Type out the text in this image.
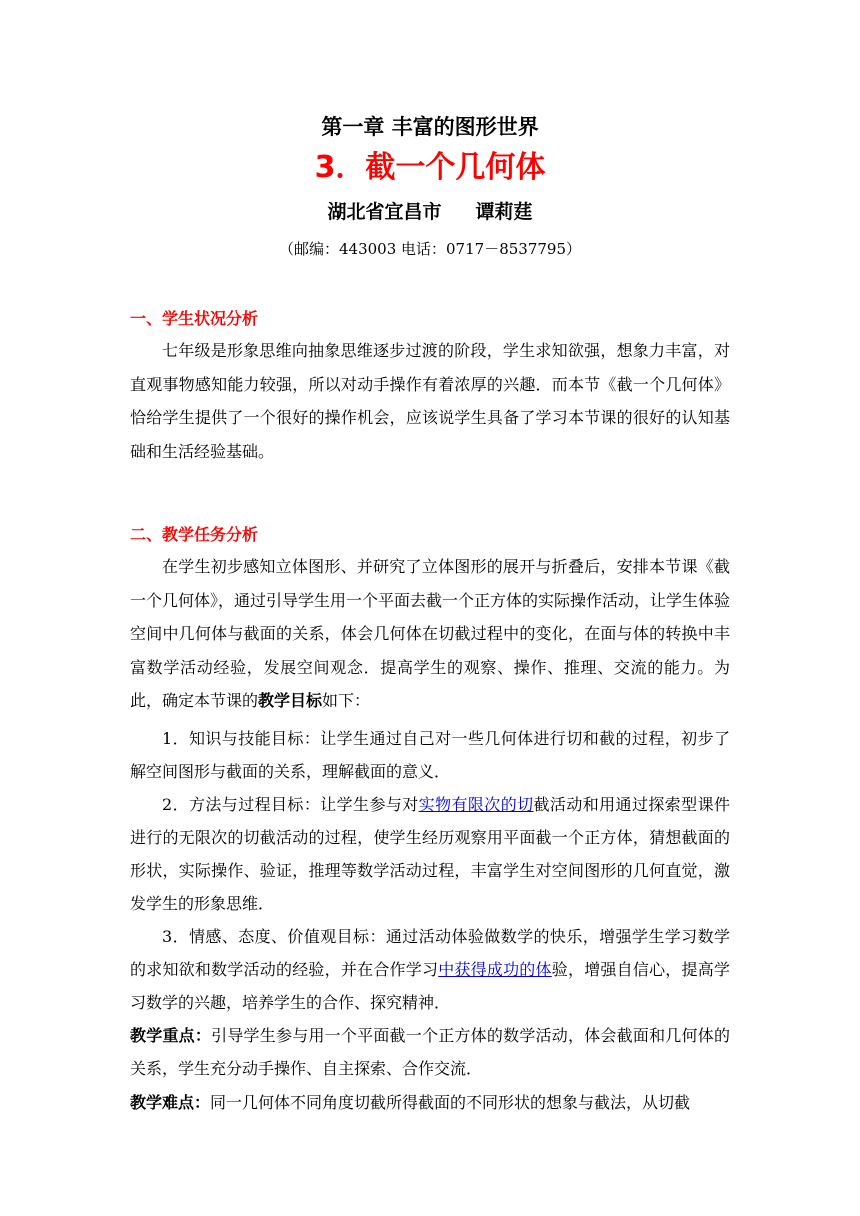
第一章 丰富的图形世界
3．截一个几何体
湖北省宜昌市 谭莉莛
（邮编：443003 电话：0717－8537795）
一、学生状况分析

七年级是形象思维向抽象思维逐步过渡的阶段，学生求知欲强，想象力丰富，对直观事物感知能力较强，所以对动手操作有着浓厚的兴趣．而本节《截一个几何体》恰给学生提供了一个很好的操作机会，应该说学生具备了学习本节课的很好的认知基础和生活经验基础。

二、教学任务分析

在学生初步感知立体图形、并研究了立体图形的展开与折叠后，安排本节课《截一个几何体》，通过引导学生用一个平面去截一个正方体的实际操作活动，让学生体验空间中几何体与截面的关系，体会几何体在切截过程中的变化，在面与体的转换中丰富数学活动经验，发展空间观念．提高学生的观察、操作、推理、交流的能力。为此，确定本节课的教学目标如下：

1．知识与技能目标：让学生通过自己对一些几何体进行切和截的过程，初步了解空间图形与截面的关系，理解截面的意义．

2．方法与过程目标：让学生参与对实物有限次的切截活动和用通过探索型课件进行的无限次的切截活动的过程，使学生经历观察用平面截一个正方体，猜想截面的形状，实际操作、验证，推理等数学活动过程，丰富学生对空间图形的几何直觉，激发学生的形象思维．

3．情感、态度、价值观目标：通过活动体验做数学的快乐，增强学生学习数学的求知欲和数学活动的经验，并在合作学习中获得成功的体验，增强自信心，提高学习数学的兴趣，培养学生的合作、探究精神．

教学重点：引导学生参与用一个平面截一个正方体的数学活动，体会截面和几何体的关系，学生充分动手操作、自主探索、合作交流．

教学难点：同一几何体不同角度切截所得截面的不同形状的想象与截法，从切截
